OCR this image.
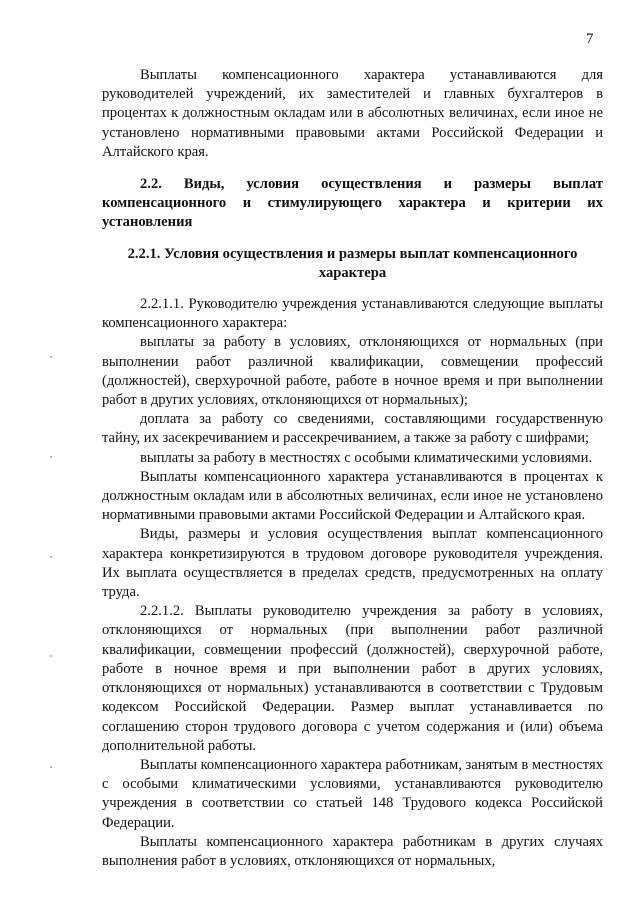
7

Выплаты компенсационного характера устанавливаются для руководителей учреждений, их заместителей и главных бухгалтеров в процентах к должностным окладам или в абсолютных величинах, если иное не установлено нормативными правовыми актами Российской Федерации и Алтайского края.

2.2. Виды, условия осуществления и размеры выплат компенсационного и стимулирующего характера и критерии их установления

2.2.1. Условия осуществления и размеры выплат компенсационного характера

2.2.1.1. Руководителю учреждения устанавливаются следующие выплаты компенсационного характера:

выплаты за работу в условиях, отклоняющихся от нормальных (при выполнении работ различной квалификации, совмещении профессий (должностей), сверхурочной работе, работе в ночное время и при выполнении работ в других условиях, отклоняющихся от нормальных);

доплата за работу со сведениями, составляющими государственную тайну, их засекречиванием и рассекречиванием, а также за работу с шифрами;

выплаты за работу в местностях с особыми климатическими условиями.

Выплаты компенсационного характера устанавливаются в процентах к должностным окладам или в абсолютных величинах, если иное не установлено нормативными правовыми актами Российской Федерации и Алтайского края.

Виды, размеры и условия осуществления выплат компенсационного характера конкретизируются в трудовом договоре руководителя учреждения. Их выплата осуществляется в пределах средств, предусмотренных на оплату труда.

2.2.1.2. Выплаты руководителю учреждения за работу в условиях, отклоняющихся от нормальных (при выполнении работ различной квалификации, совмещении профессий (должностей), сверхурочной работе, работе в ночное время и при выполнении работ в других условиях, отклоняющихся от нормальных) устанавливаются в соответствии с Трудовым кодексом Российской Федерации. Размер выплат устанавливается по соглашению сторон трудового договора с учетом содержания и (или) объема дополнительной работы.

Выплаты компенсационного характера работникам, занятым в местностях с особыми климатическими условиями, устанавливаются руководителю учреждения в соответствии со статьей 148 Трудового кодекса Российской Федерации.

Выплаты компенсационного характера работникам в других случаях выполнения работ в условиях, отклоняющихся от нормальных,
